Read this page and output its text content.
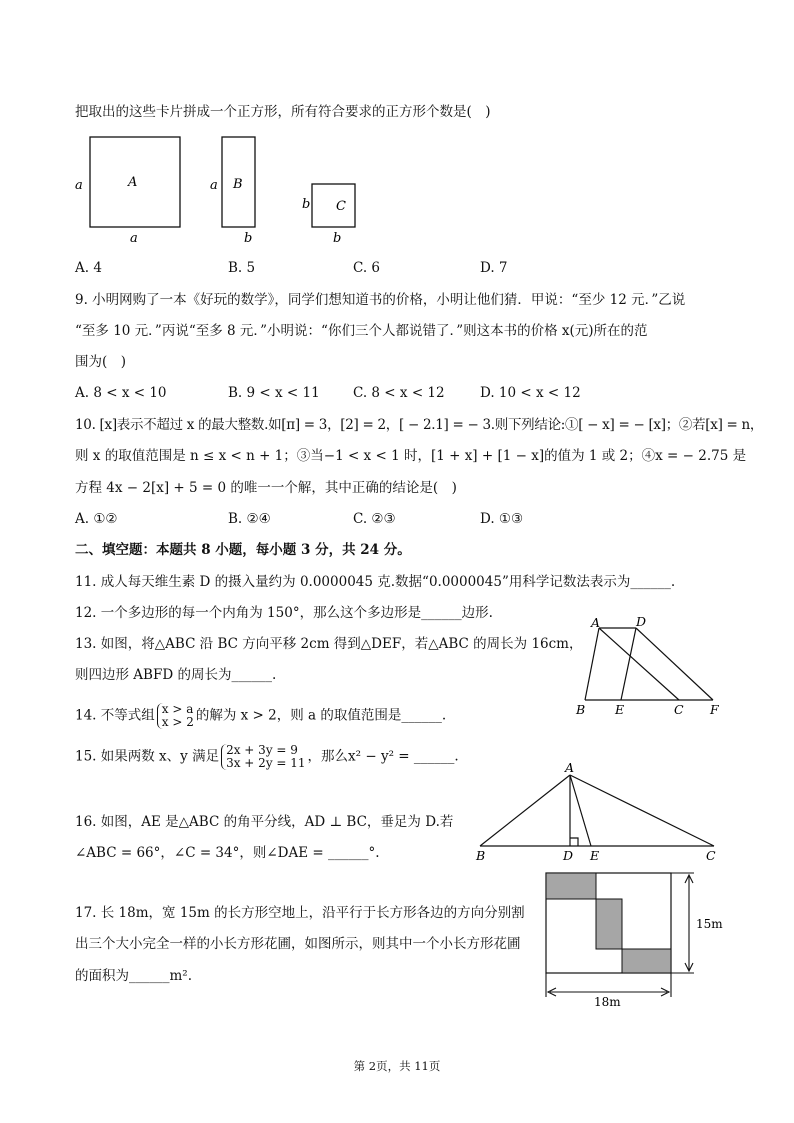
把取出的这些卡片拼成一个正方形，所有符合要求的正方形个数是(　)
A
a
a
B
a
b
C
b
b
A. 4	B. 5	C. 6	D. 7
9. 小明网购了一本《好玩的数学》，同学们想知道书的价格，小明让他们猜．甲说：“至少 12 元．”乙说
“至多 10 元．”丙说“至多 8 元．”小明说：“你们三个人都说错了．”则这本书的价格 x(元)所在的范
围为(　)
A. 8 < x < 10	B. 9 < x < 11 C. 8 < x < 12	D. 10 < x < 12
10. [x]表示不超过 x 的最大整数.如[π] = 3，[2] = 2，[ − 2.1] = − 3.则下列结论:①[ − x] = − [x]；②若[x] = n，
则 x 的取值范围是 n ≤ x < n + 1；③当−1 < x < 1 时，[1 + x] + [1 − x]的值为 1 或 2；④x = − 2.75 是
方程 4x − 2[x] + 5 = 0 的唯一一个解，其中正确的结论是(　)
A. ①②	B. ②④	C. ②③	D. ①③
二、填空题：本题共 8 小题，每小题 3 分，共 24 分。
11. 成人每天维生素 D 的摄入量约为 0.0000045 克.数据“0.0000045”用科学记数法表示为______.
12. 一个多边形的每一个内角为 150°，那么这个多边形是______边形.
13. 如图，将△ABC 沿 BC 方向平移 2cm 得到△DEF，若△ABC 的周长为 16cm，
则四边形 ABFD 的周长为______.
A	D
B E	C F
14. 不等式组 x > a
x > 2 的解为 x > 2，则 a 的取值范围是______.
15. 如果两数 x、y 满足 2x + 3y = 9
3x + 2y = 11 ，那么x² − y² = ______.
16. 如图，AE 是△ABC 的角平分线，AD ⊥ BC，垂足为 D.若
∠ABC = 66°，∠C = 34°，则∠DAE = ______°.
A
B	D E	C
17. 长 18m，宽 15m 的长方形空地上，沿平行于长方形各边的方向分别割
出三个大小完全一样的小长方形花圃，如图所示，则其中一个小长方形花圃
的面积为______m².
18m
15m
第 2页，共 11页
